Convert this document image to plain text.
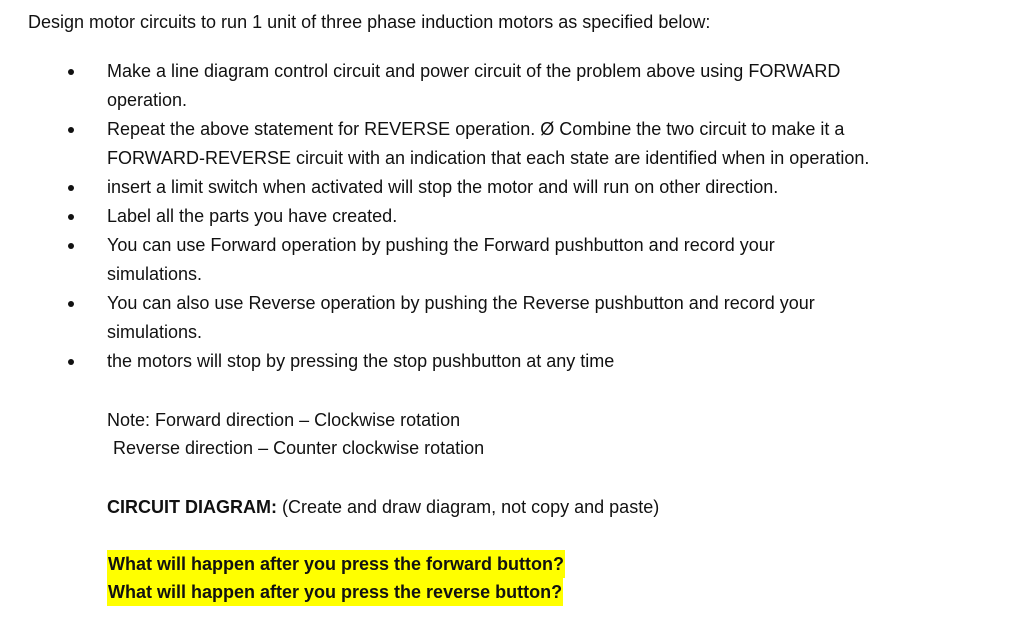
Design motor circuits to run 1 unit of three phase induction motors as specified below:
Make a line diagram control circuit and power circuit of the problem above using FORWARD
operation.
Repeat the above statement for REVERSE operation. Ø Combine the two circuit to make it a
FORWARD-REVERSE circuit with an indication that each state are identified when in operation.
insert a limit switch when activated will stop the motor and will run on other direction.
Label all the parts you have created.
You can use Forward operation by pushing the Forward pushbutton and record your
simulations.
You can also use Reverse operation by pushing the Reverse pushbutton and record your
simulations.
the motors will stop by pressing the stop pushbutton at any time
Note: Forward direction – Clockwise rotation
Reverse direction – Counter clockwise rotation
CIRCUIT DIAGRAM: (Create and draw diagram, not copy and paste)
What will happen after you press the forward button?
What will happen after you press the reverse button?
